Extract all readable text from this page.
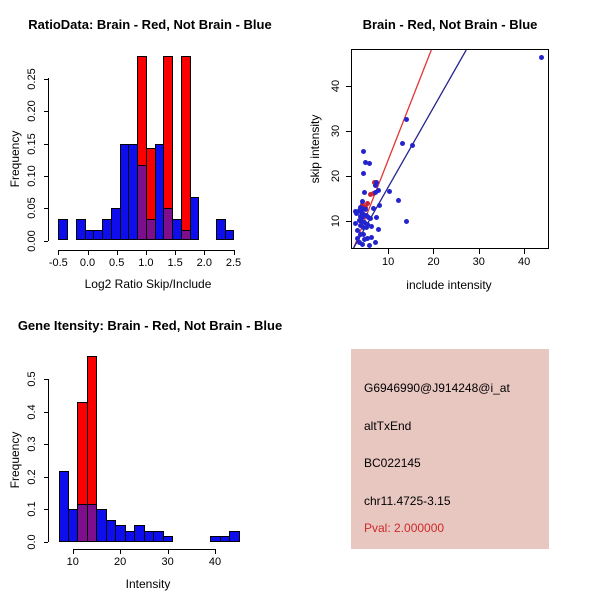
RatioData: Brain - Red, Not Brain - Blue	Brain - Red, Not Brain - Blue
Gene Itensity: Brain - Red, Not Brain - Blue
Log2 Ratio Skip/Include
Frequency
include intensity
skip intensity
Intensity
Frequency
G6946990@J914248@i_at
altTxEnd
BC022145
chr11.4725-3.15
Pval: 2.000000
0.00
0.05
0.10
0.15
0.20
0.25
-0.5	0.0	0.5	1.0	1.5	2.0	2.5
0.0
0.1
0.2
0.3
0.4
0.5
10	20	30	40
10	20	30	40
10
20
30
40
